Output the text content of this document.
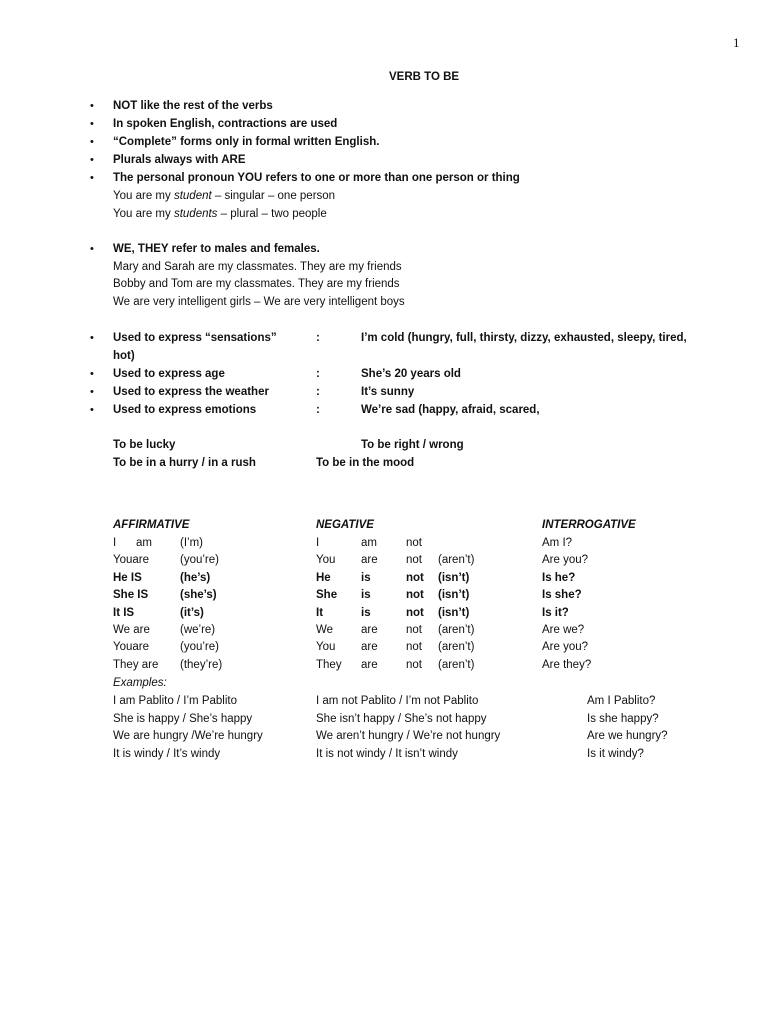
1
VERB TO BE
• NOT like the rest of the verbs
• In spoken English, contractions are used
• “Complete” forms only in formal written English.
• Plurals always with ARE
• The personal pronoun YOU refers to one or more than one person or thing
You are my student – singular – one person
You are my students – plural – two people
• WE, THEY refer to males and females.
Mary and Sarah are my classmates. They are my friends
Bobby and Tom are my classmates. They are my friends
We are very intelligent girls – We are very intelligent boys
• Used to express “sensations”	:	I’m cold (hungry, full, thirsty, dizzy, exhausted, sleepy, tired,
hot)
• Used to express age	:	She’s 20 years old
• Used to express the weather	:	It’s sunny
• Used to express emotions	:	We’re sad (happy, afraid, scared,
To be lucky	To be right / wrong
To be in a hurry / in a rush	To be in the mood
AFFIRMATIVE	NEGATIVE	INTERROGATIVE
I am (I’m)	I	am	not	Am I?
Youare	(you’re)	You are not (aren’t)	Are you?
He IS	(he’s)	He	is	not (isn’t)	Is he?
She IS	(she’s)	She is	not (isn’t)	Is she?
It IS	(it’s)	It	is	not (isn’t)	Is it?
We are	(we’re)	We are not (aren’t)	Are we?
Youare	(you’re)	You are not (aren’t)	Are you?
They are (they’re)	They are not (aren’t)	Are they?
Examples:
I am Pablito / I’m Pablito	I am not Pablito / I’m not Pablito	Am I Pablito?
She is happy / She’s happy	She isn’t happy / She’s not happy	Is she happy?
We are hungry /We’re hungry	We aren’t hungry / We’re not hungry	Are we hungry?
It is windy / It’s windy	It is not windy / It isn’t windy	Is it windy?
